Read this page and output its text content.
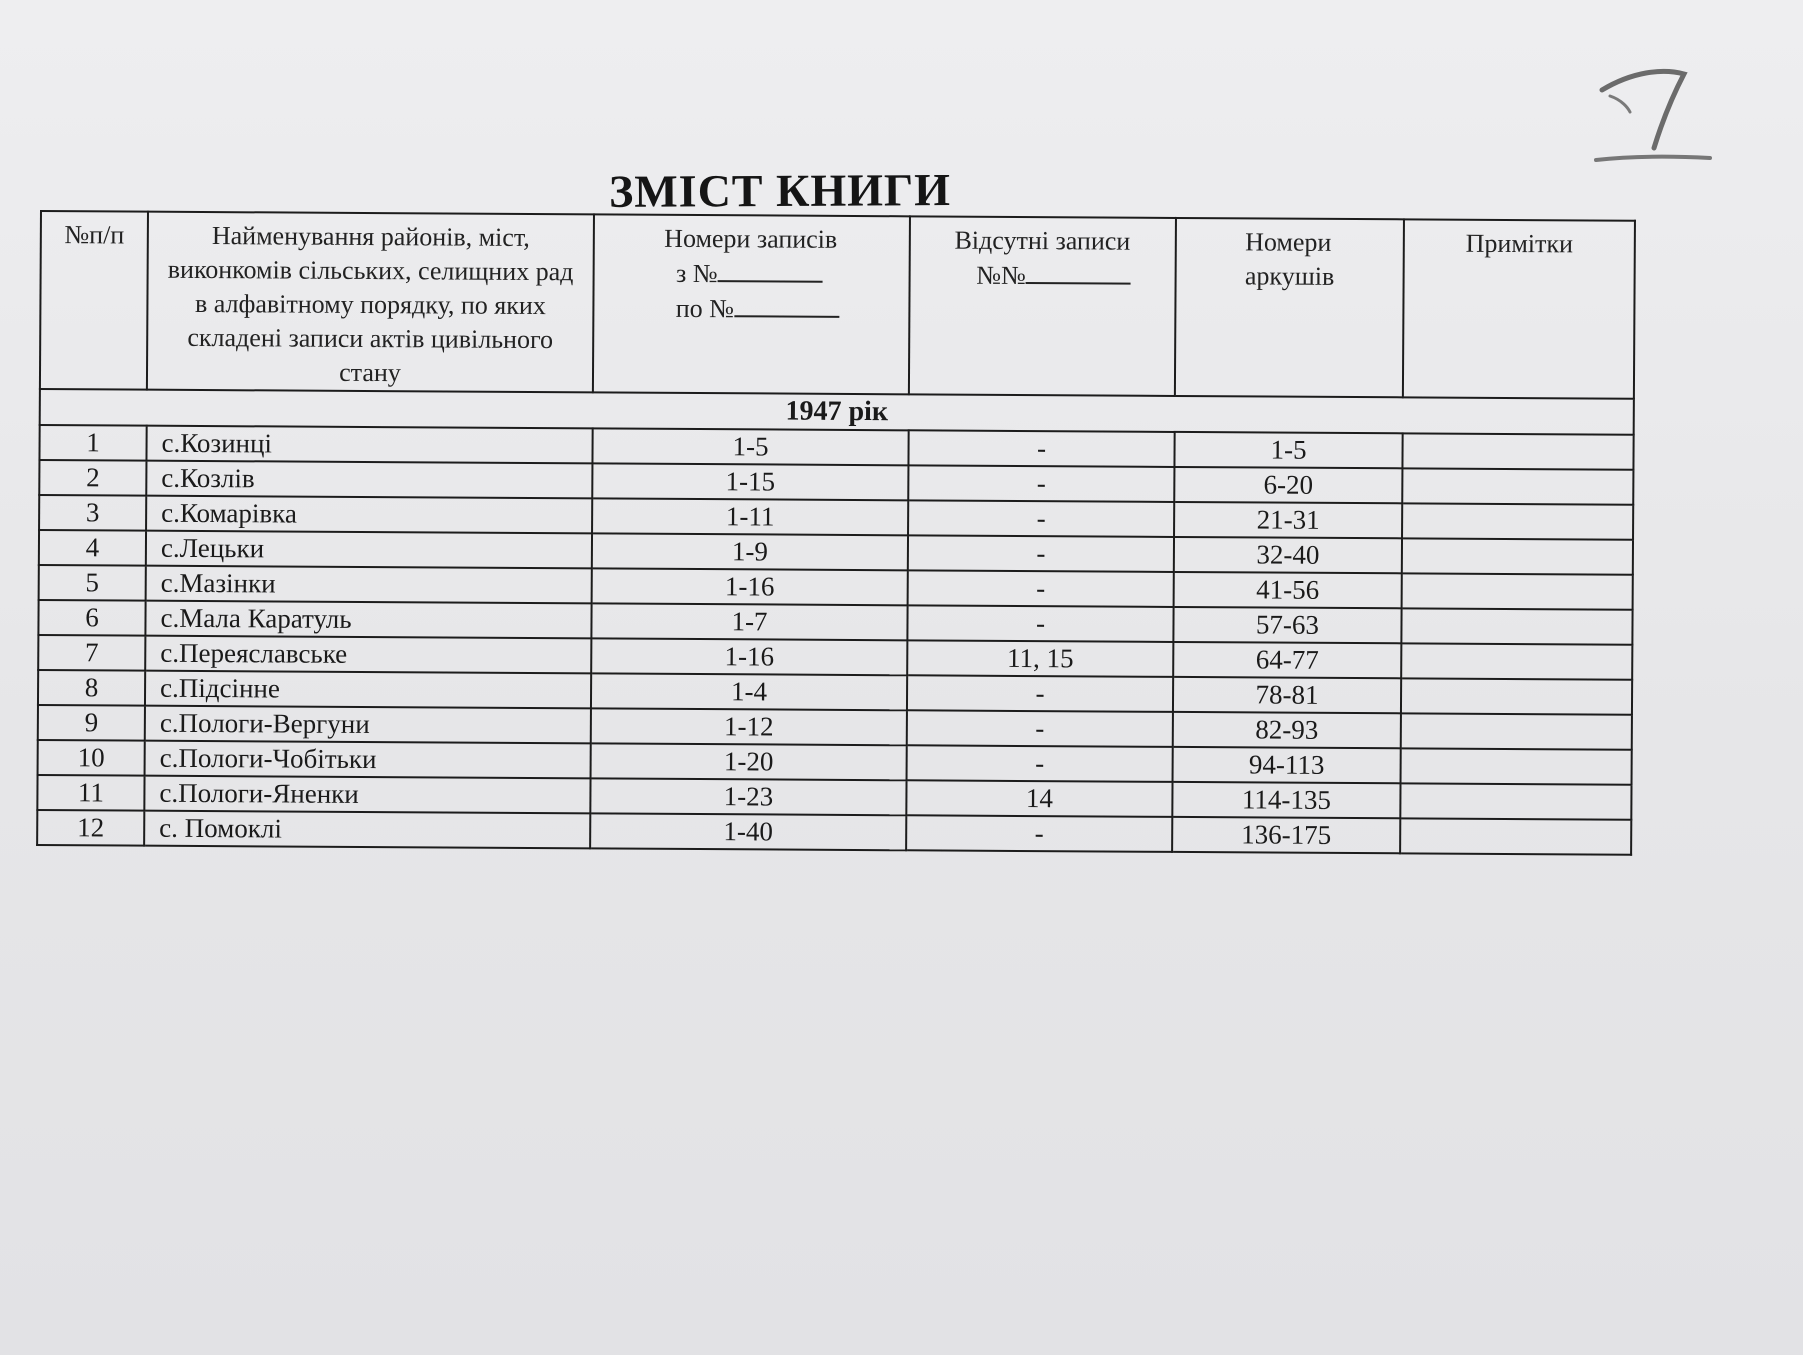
ЗМІСТ КНИГИ
№п/п	Найменування районів, міст, виконкомів сільських, селищних рад в алфавітному порядку, по яких складені записи актів цивільного стану	Номери записів
з №
по №	Відсутні записи
№№	Номери
аркушів	Примітки
1947 рік					
1	с.Козинці	1-5	-	1-5	
2	с.Козлів	1-15	-	6-20	
3	с.Комарівка	1-11	-	21-31	
4	с.Лецьки	1-9	-	32-40	
5	с.Мазінки	1-16	-	41-56	
6	с.Мала Каратуль	1-7	-	57-63	
7	с.Переяславське	1-16	11, 15	64-77	
8	с.Підсінне	1-4	-	78-81	
9	с.Пологи-Вергуни	1-12	-	82-93	
10	с.Пологи-Чобітьки	1-20	-	94-113	
11	с.Пологи-Яненки	1-23	14	114-135	
12	с. Помоклі	1-40	-	136-175	
